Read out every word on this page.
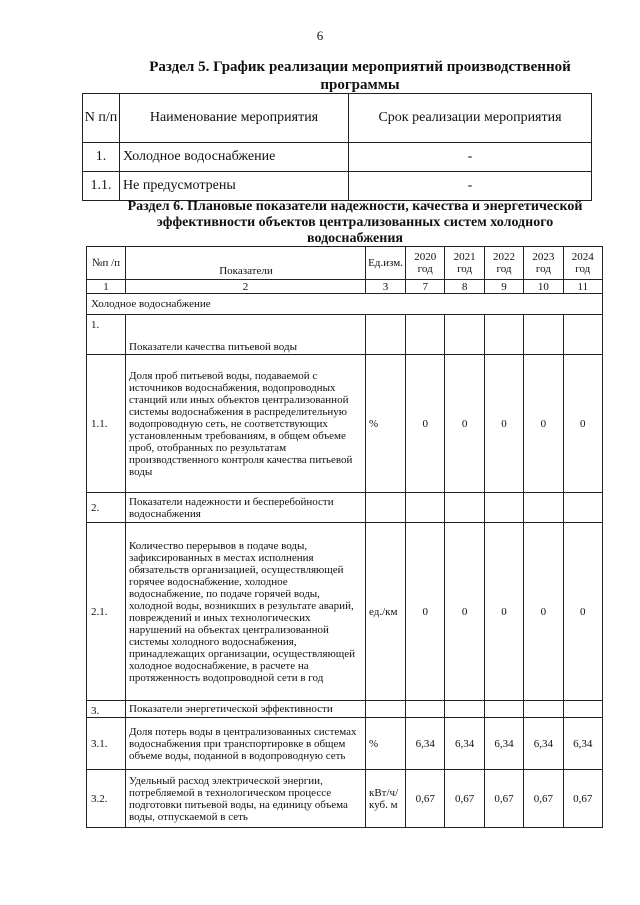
6
Раздел 5. График реализации мероприятий производственной программы
N п/п	Наименование мероприятия	Срок реализации мероприятия
1.	Холодное водоснабжение	-
1.1.	Не предусмотрены	-
Раздел 6. Плановые показатели надежности, качества и энергетической эффективности объектов централизованных систем холодного водоснабжения
№п /п	Показатели	Ед.изм.	2020 год	2021 год	2022 год	2023 год	2024 год
1	2	3	7	8	9	10	11
Холодное водоснабжение							
1.	Показатели качества питьевой воды						
1.1.	Доля проб питьевой воды, подаваемой с источников водоснабжения, водопроводных станций или иных объектов централизованной системы водоснабжения в распределительную водопроводную сеть, не соответствующих установленным требованиям, в общем объеме проб, отобранных по результатам производственного контроля качества питьевой воды	%	0	0	0	0	0
2.	Показатели надежности и бесперебойности водоснабжения						
2.1.	Количество перерывов в подаче воды, зафиксированных в местах исполнения обязательств организацией, осуществляющей горячее водоснабжение, холодное водоснабжение, по подаче горячей воды, холодной воды, возникших в результате аварий, повреждений и иных технологических нарушений на объектах централизованной системы холодного водоснабжения, принадлежащих организации, осуществляющей холодное водоснабжение, в расчете на протяженность водопроводной сети в год	ед./км	0	0	0	0	0
3.	Показатели энергетической эффективности						
3.1.	Доля потерь воды в централизованных системах водоснабжения при транспортировке в общем объеме воды, поданной в водопроводную сеть	%	6,34	6,34	6,34	6,34	6,34
3.2.	Удельный расход электрической энергии, потребляемой в технологическом процессе подготовки питьевой воды, на единицу объема воды, отпускаемой в сеть	кВт/ч/куб. м	0,67	0,67	0,67	0,67	0,67
